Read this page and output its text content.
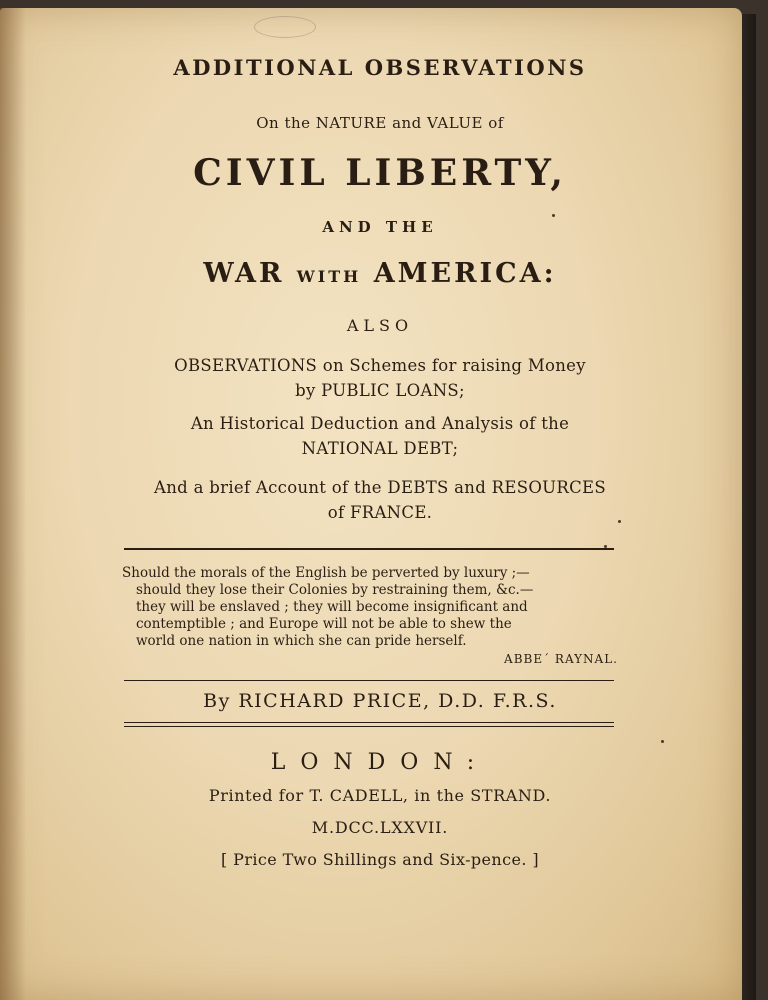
ADDITIONAL OBSERVATIONS
On the NATURE and VALUE of
CIVIL LIBERTY,
AND THE
WAR WITH AMERICA:
ALSO
OBSERVATIONS on Schemes for raising Money
by PUBLIC LOANS;
An Historical Deduction and Analysis of the
NATIONAL DEBT;
And a brief Account of the DEBTS and RESOURCES
of FRANCE.
Should the morals of the English be perverted by luxury ;—
should they lose their Colonies by restraining them, &c.—
they will be enslaved ; they will become insignificant and
contemptible ; and Europe will not be able to shew the
world one nation in which she can pride herself.
ABBE´ RAYNAL.
By RICHARD PRICE, D.D. F.R.S.
LONDON:
Printed for T. CADELL, in the STRAND.
M.DCC.LXXVII.
[ Price Two Shillings and Six-pence. ]
